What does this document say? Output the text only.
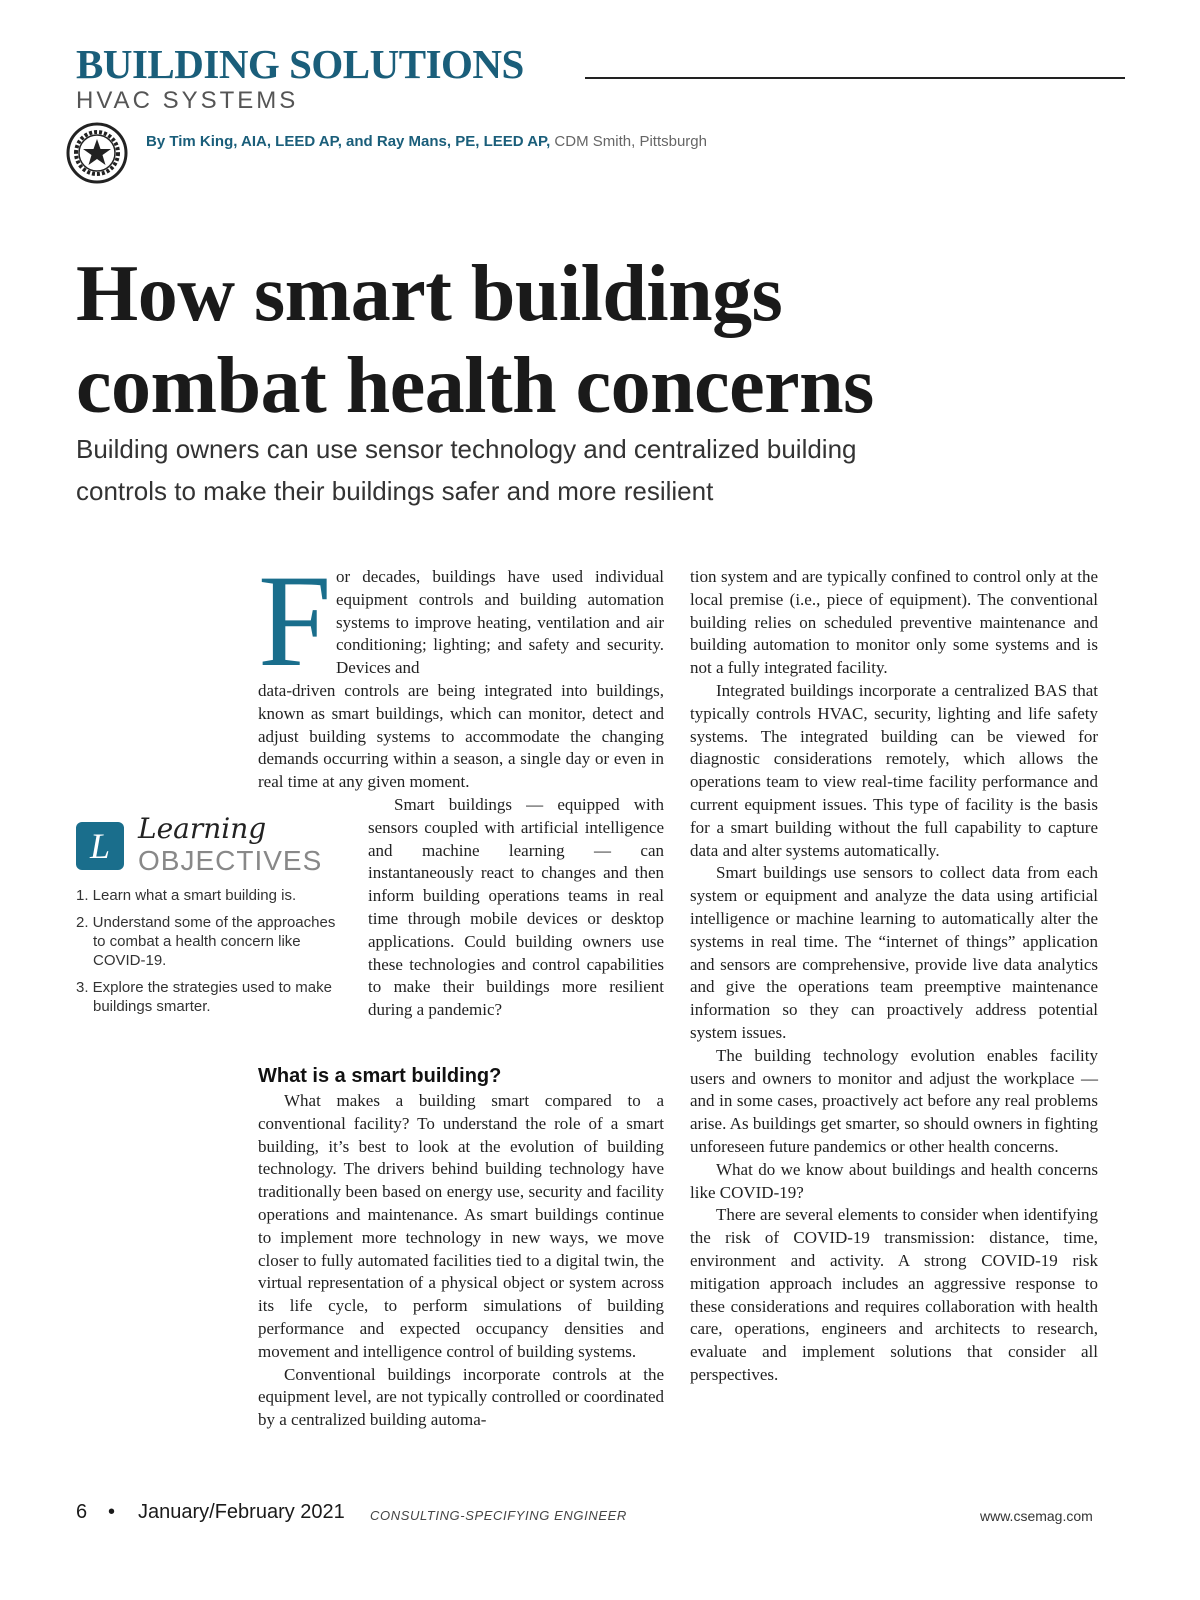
BUILDING SOLUTIONS
HVAC SYSTEMS
By Tim King, AIA, LEED AP, and Ray Mans, PE, LEED AP, CDM Smith, Pittsburgh
How smart buildings
combat health concerns
Building owners can use sensor technology and centralized building
controls to make their buildings safer and more resilient
F or decades, buildings have used individual equipment controls and building automation systems to improve heating, ventilation and air conditioning; lighting; and safety and security. Devices and

data-driven controls are being integrated into buildings, known as smart buildings, which can monitor, detect and adjust building systems to accommodate the changing demands occurring within a season, a single day or even in real time at any given moment.

Smart buildings — equipped with sensors coupled with artificial intelligence and machine learning — can instantaneously react to changes and then inform building operations teams in real time through mobile devices or desktop applications. Could building owners use these technologies and control capabilities to make their buildings more resilient during a pandemic?

L Learning
OBJECTIVES
1. Learn what a smart building is.
2. Understand some of the approaches to combat a health concern like COVID-19.
3. Explore the strategies used to make buildings smarter.
What is a smart building?

What makes a building smart compared to a conventional facility? To understand the role of a smart building, it’s best to look at the evolution of building technology. The drivers behind building technology have traditionally been based on energy use, security and facility operations and maintenance. As smart buildings continue to implement more technology in new ways, we move closer to fully automated facilities tied to a digital twin, the virtual representation of a physical object or system across its life cycle, to perform simulations of building performance and expected occupancy densities and movement and intelligence control of building systems.

Conventional buildings incorporate controls at the equipment level, are not typically controlled or coordinated by a centralized building automa-

tion system and are typically confined to control only at the local premise (i.e., piece of equipment). The conventional building relies on scheduled preventive maintenance and building automation to monitor only some systems and is not a fully integrated facility.

Integrated buildings incorporate a centralized BAS that typically controls HVAC, security, lighting and life safety systems. The integrated building can be viewed for diagnostic considerations remotely, which allows the operations team to view real-time facility performance and current equipment issues. This type of facility is the basis for a smart building without the full capability to capture data and alter systems automatically.

Smart buildings use sensors to collect data from each system or equipment and analyze the data using artificial intelligence or machine learning to automatically alter the systems in real time. The “internet of things” application and sensors are comprehensive, provide live data analytics and give the operations team preemptive maintenance information so they can proactively address potential system issues.

The building technology evolution enables facility users and owners to monitor and adjust the workplace — and in some cases, proactively act before any real problems arise. As buildings get smarter, so should owners in fighting unforeseen future pandemics or other health concerns.

What do we know about buildings and health concerns like COVID-19?

There are several elements to consider when identifying the risk of COVID-19 transmission: distance, time, environment and activity. A strong COVID-19 risk mitigation approach includes an aggressive response to these considerations and requires collaboration with health care, operations, engineers and architects to research, evaluate and implement solutions that consider all perspectives.

6 • January/February 2021 CONSULTING-SPECIFYING ENGINEER	www.csemag.com
